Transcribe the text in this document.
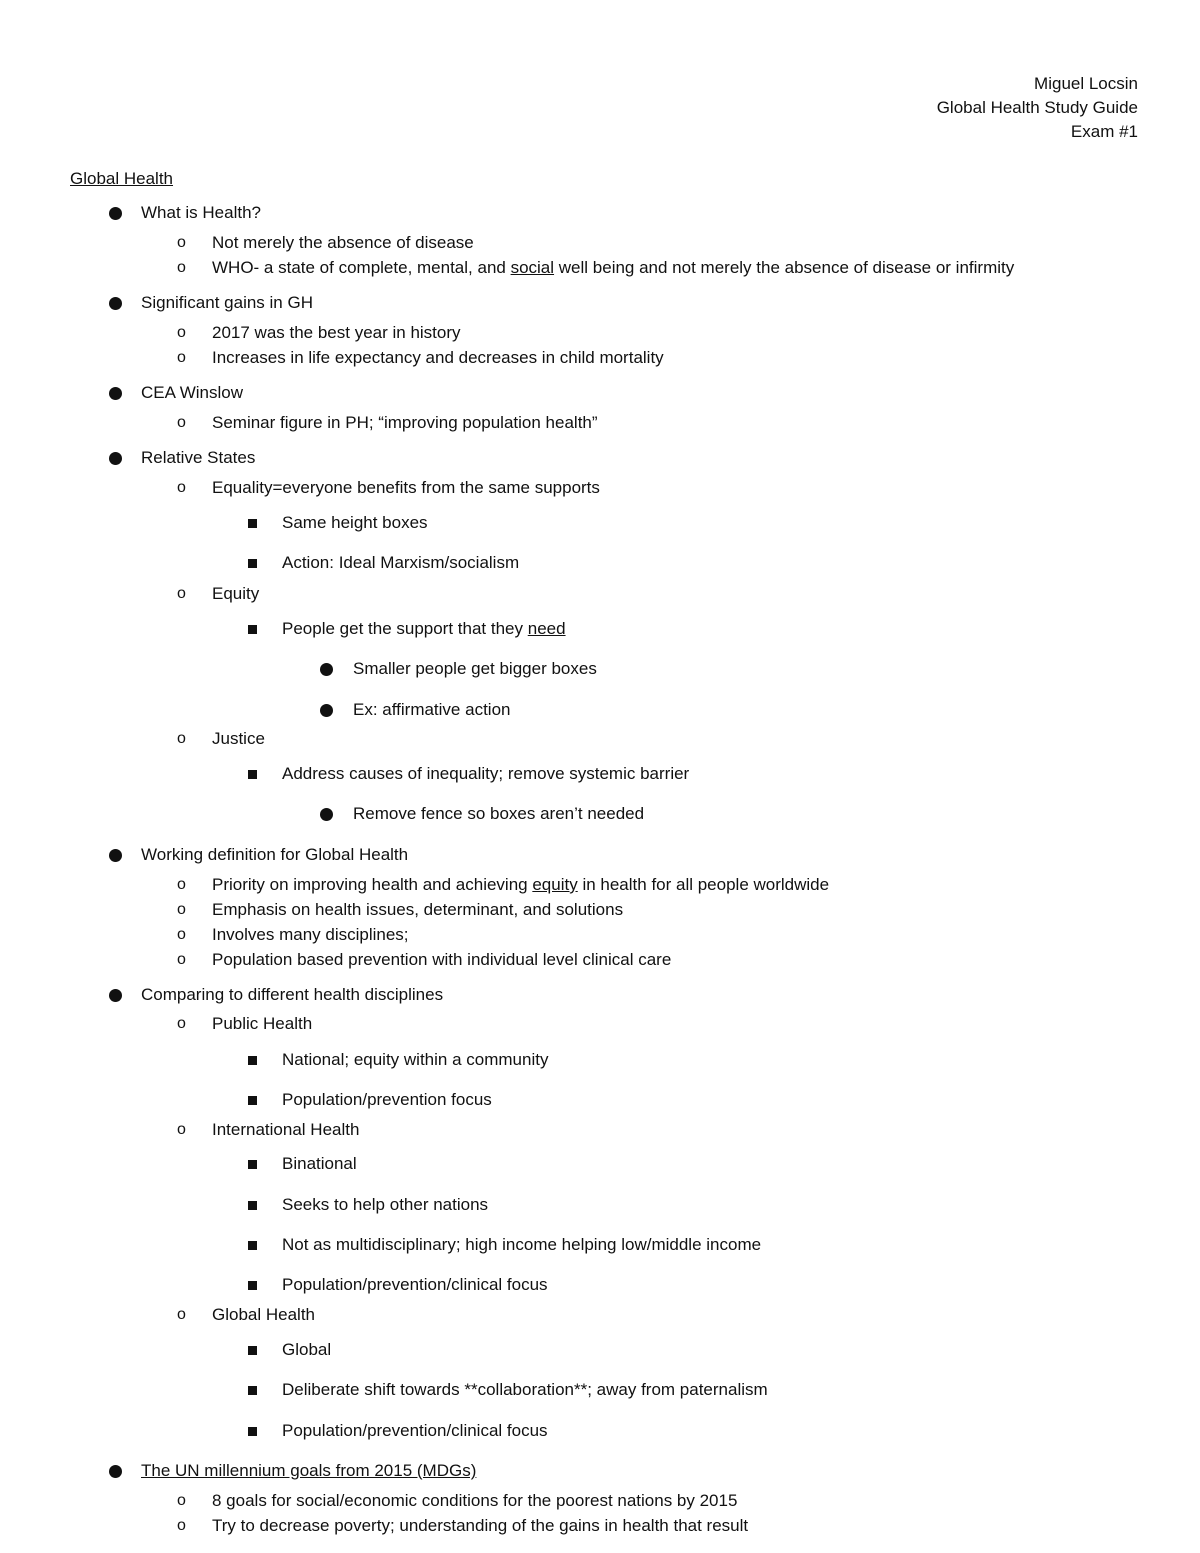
Miguel Locsin
Global Health Study Guide
Exam #1
Global Health
What is Health?
o Not merely the absence of disease
o WHO- a state of complete, mental, and social well being and not merely the absence of disease or infirmity
Significant gains in GH
o 2017 was the best year in history
o Increases in life expectancy and decreases in child mortality
CEA Winslow
o Seminar figure in PH; “improving population health”
Relative States
o Equality=everyone benefits from the same supports
Same height boxes
Action: Ideal Marxism/socialism
o Equity
People get the support that they need
Smaller people get bigger boxes
Ex: affirmative action
o Justice
Address causes of inequality; remove systemic barrier
Remove fence so boxes aren’t needed
Working definition for Global Health
o Priority on improving health and achieving equity in health for all people worldwide
o Emphasis on health issues, determinant, and solutions
o Involves many disciplines;
o Population based prevention with individual level clinical care
Comparing to different health disciplines
o Public Health
National; equity within a community
Population/prevention focus
o International Health
Binational
Seeks to help other nations
Not as multidisciplinary; high income helping low/middle income
Population/prevention/clinical focus
o Global Health
Global
Deliberate shift towards **collaboration**; away from paternalism
Population/prevention/clinical focus
The UN millennium goals from 2015 (MDGs)
o 8 goals for social/economic conditions for the poorest nations by 2015
o Try to decrease poverty; understanding of the gains in health that result
